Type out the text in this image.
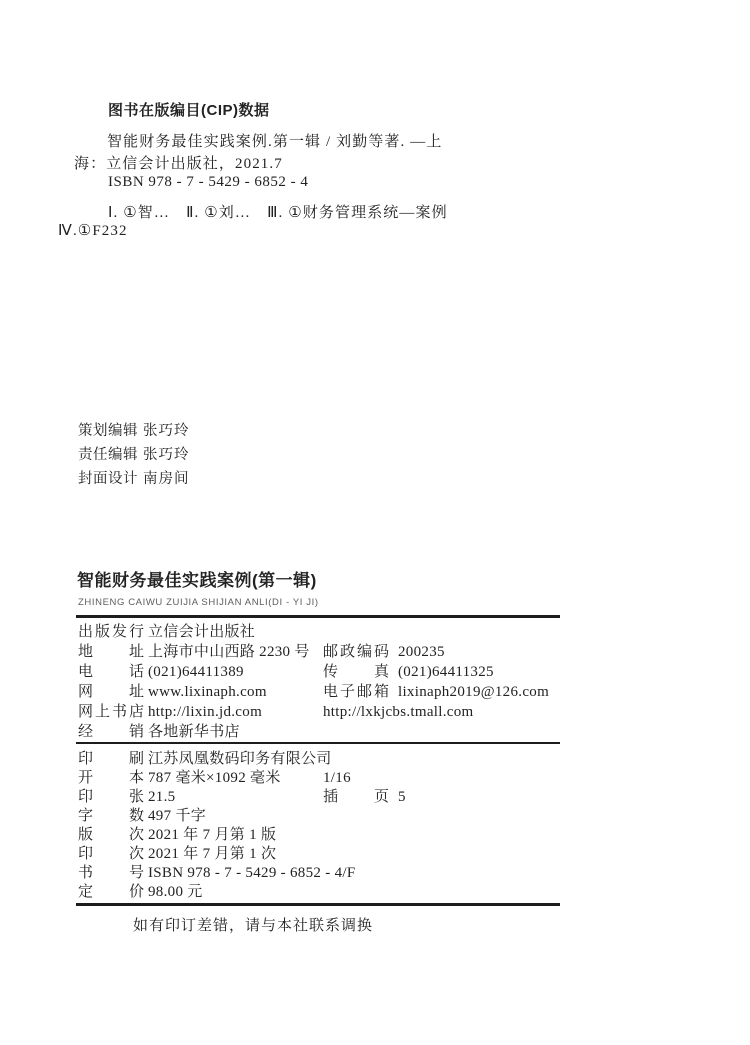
图书在版编目(CIP)数据
智能财务最佳实践案例.第一辑 / 刘勤等著. —上
海：立信会计出版社，2021.7
ISBN 978 - 7 - 5429 - 6852 - 4
Ⅰ. ①智…　Ⅱ. ①刘…　Ⅲ. ①财务管理系统—案例
Ⅳ.①F232
策划编辑 张巧玲
责任编辑 张巧玲
封面设计 南房间
智能财务最佳实践案例(第一辑)
ZHINENG CAIWU ZUIJIA SHIJIAN ANLI(DI - YI JI)
出版发行 立信会计出版社
地址 上海市中山西路 2230 号 邮政编码 200235
电话 (021)64411389	传真 (021)64411325
网址 www.lixinaph.com	电子邮箱 lixinaph2019@126.com
网上书店 http://lixin.jd.com	http://lxkjcbs.tmall.com
经销 各地新华书店
印刷 江苏凤凰数码印务有限公司
开本 787 毫米×1092 毫米	1/16
印张 21.5	插页 5
字数 497 千字
版次 2021 年 7 月第 1 版
印次 2021 年 7 月第 1 次
书号 ISBN 978 - 7 - 5429 - 6852 - 4/F
定价 98.00 元
如有印订差错，请与本社联系调换
